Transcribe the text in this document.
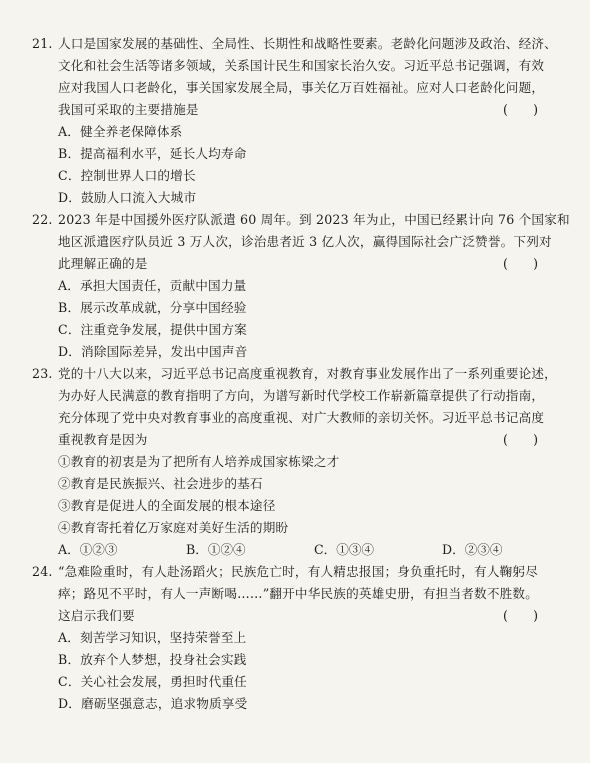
21. 人口是国家发展的基础性、全局性、长期性和战略性要素。老龄化问题涉及政治、经济、
文化和社会生活等诸多领域，关系国计民生和国家长治久安。习近平总书记强调，有效
应对我国人口老龄化，事关国家发展全局，事关亿万百姓福祉。应对人口老龄化问题，
我国可采取的主要措施是	(　　)
A．健全养老保障体系
B．提高福利水平，延长人均寿命
C．控制世界人口的增长
D．鼓励人口流入大城市
22. 2023 年是中国援外医疗队派遣 60 周年。到 2023 年为止，中国已经累计向 76 个国家和
地区派遣医疗队员近 3 万人次，诊治患者近 3 亿人次，赢得国际社会广泛赞誉。下列对
此理解正确的是	(　　)
A．承担大国责任，贡献中国力量
B．展示改革成就，分享中国经验
C．注重竞争发展，提供中国方案
D．消除国际差异，发出中国声音
23. 党的十八大以来，习近平总书记高度重视教育，对教育事业发展作出了一系列重要论述，
为办好人民满意的教育指明了方向，为谱写新时代学校工作崭新篇章提供了行动指南，
充分体现了党中央对教育事业的高度重视、对广大教师的亲切关怀。习近平总书记高度
重视教育是因为	(　　)
①教育的初衷是为了把所有人培养成国家栋梁之才
②教育是民族振兴、社会进步的基石
③教育是促进人的全面发展的根本途径
④教育寄托着亿万家庭对美好生活的期盼
A．①②③	B．①②④	C．①③④	D．②③④
24. “急难险重时，有人赴汤蹈火；民族危亡时，有人精忠报国；身负重托时，有人鞠躬尽
瘁；路见不平时，有人一声断喝……”翻开中华民族的英雄史册，有担当者数不胜数。
这启示我们要	(　　)
A．刻苦学习知识，坚持荣誉至上
B．放弃个人梦想，投身社会实践
C．关心社会发展，勇担时代重任
D．磨砺坚强意志，追求物质享受
